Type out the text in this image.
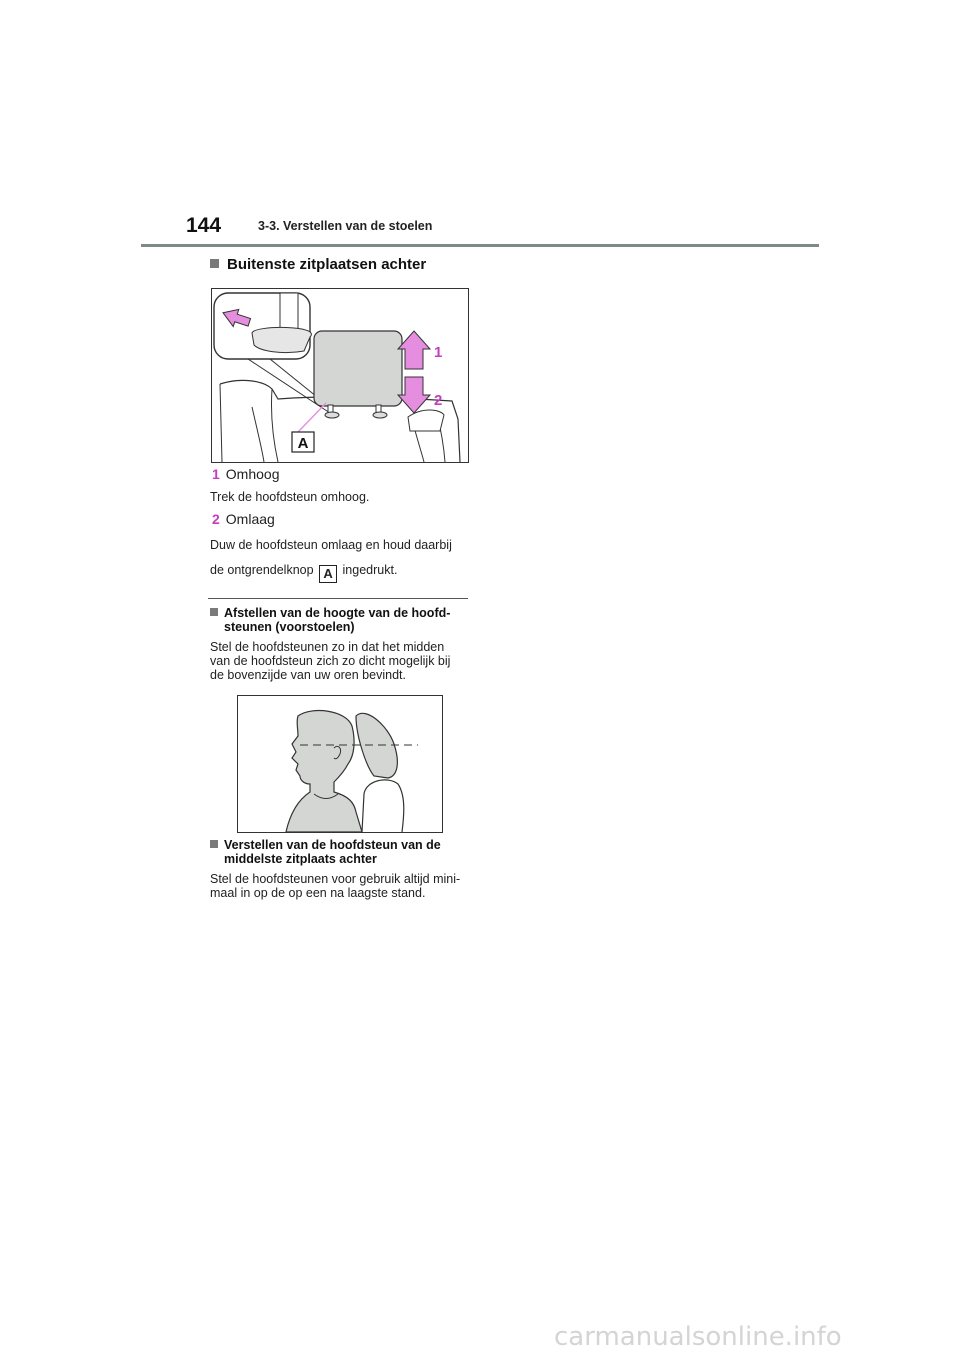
144	3-3. Verstellen van de stoelen
Buitenste zitplaatsen achter
A
1
2
1 Omhoog
Trek de hoofdsteun omhoog.
2 Omlaag
Duw de hoofdsteun omlaag en houd daarbij
de ontgrendelknop A ingedrukt.
Afstellen van de hoogte van de hoofd-
steunen (voorstoelen)
Stel de hoofdsteunen zo in dat het midden
van de hoofdsteun zich zo dicht mogelijk bij
de bovenzijde van uw oren bevindt.
Verstellen van de hoofdsteun van de
middelste zitplaats achter
Stel de hoofdsteunen voor gebruik altijd mini-
maal in op de op een na laagste stand.
carmanualsonline.info
